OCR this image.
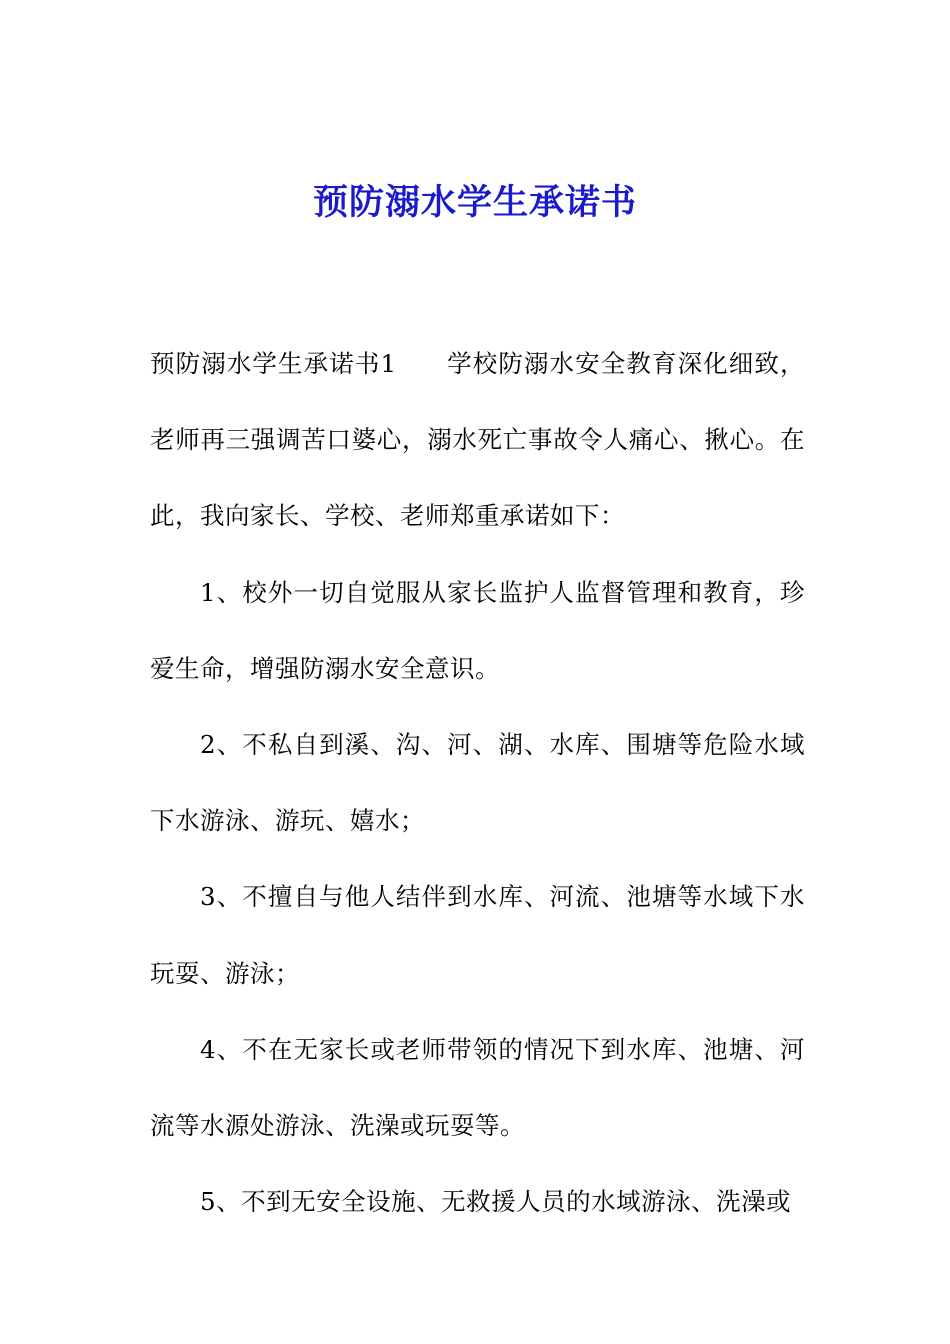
预防溺水学生承诺书

预防溺水学生承诺书1 学校防溺水安全教育深化细致，老师再三强调苦口婆心，溺水死亡事故令人痛心、揪心。在此，我向家长、学校、老师郑重承诺如下：

1、校外一切自觉服从家长监护人监督管理和教育，珍爱生命，增强防溺水安全意识。

2、不私自到溪、沟、河、湖、水库、围塘等危险水域下水游泳、游玩、嬉水；

3、不擅自与他人结伴到水库、河流、池塘等水域下水玩耍、游泳；

4、不在无家长或老师带领的情况下到水库、池塘、河流等水源处游泳、洗澡或玩耍等。

5、不到无安全设施、无救援人员的水域游泳、洗澡或
